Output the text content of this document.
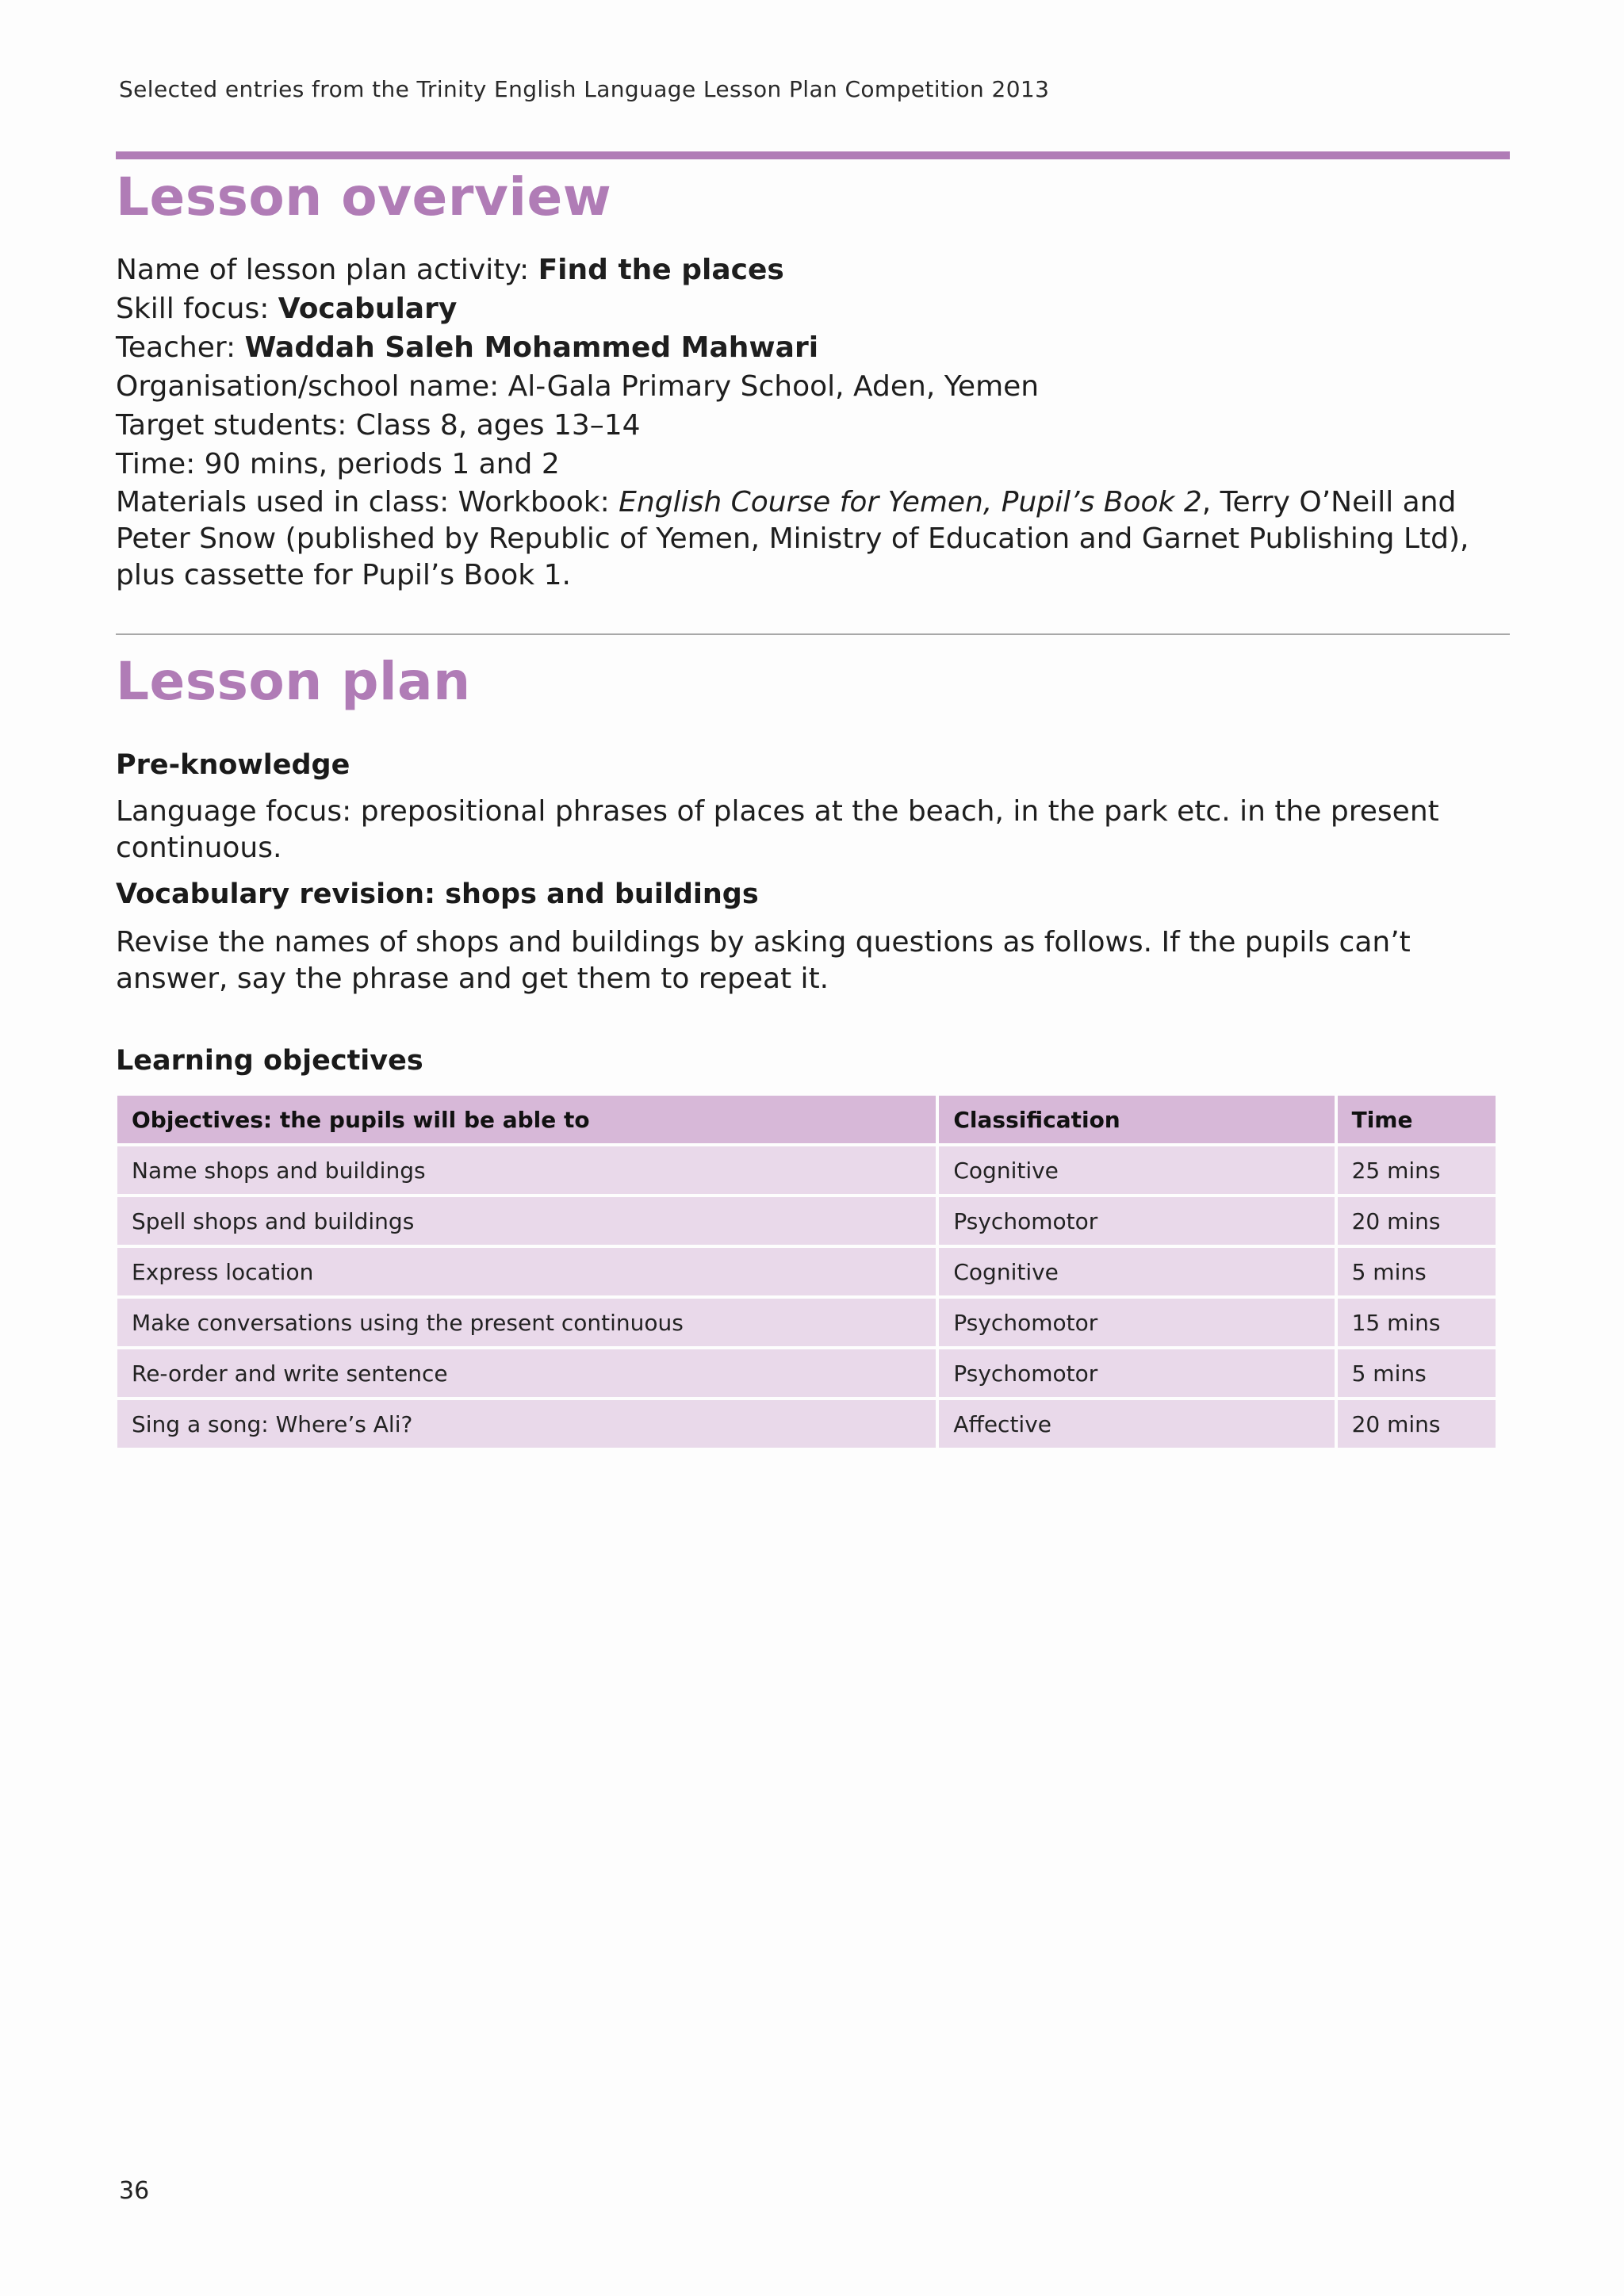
Selected entries from the Trinity English Language Lesson Plan Competition 2013
Lesson overview

Name of lesson plan activity: Find the places

Skill focus: Vocabulary

Teacher: Waddah Saleh Mohammed Mahwari

Organisation/school name: Al-Gala Primary School, Aden, Yemen

Target students: Class 8, ages 13–14

Time: 90 mins, periods 1 and 2

Materials used in class: Workbook: English Course for Yemen, Pupil’s Book 2, Terry O’Neill and Peter Snow (published by Republic of Yemen, Ministry of Education and Garnet Publishing Ltd), plus cassette for Pupil’s Book 1.

Lesson plan
Pre-knowledge

Language focus: prepositional phrases of places at the beach, in the park etc. in the present continuous.

Vocabulary revision: shops and buildings

Revise the names of shops and buildings by asking questions as follows. If the pupils can’t answer, say the phrase and get them to repeat it.

Learning objectives
Objectives: the pupils will be able to	Classification	Time
Name shops and buildings	Cognitive	25 mins
Spell shops and buildings	Psychomotor	20 mins
Express location	Cognitive	5 mins
Make conversations using the present continuous	Psychomotor	15 mins
Re-order and write sentence	Psychomotor	5 mins
Sing a song: Where’s Ali?	Affective	20 mins
36
